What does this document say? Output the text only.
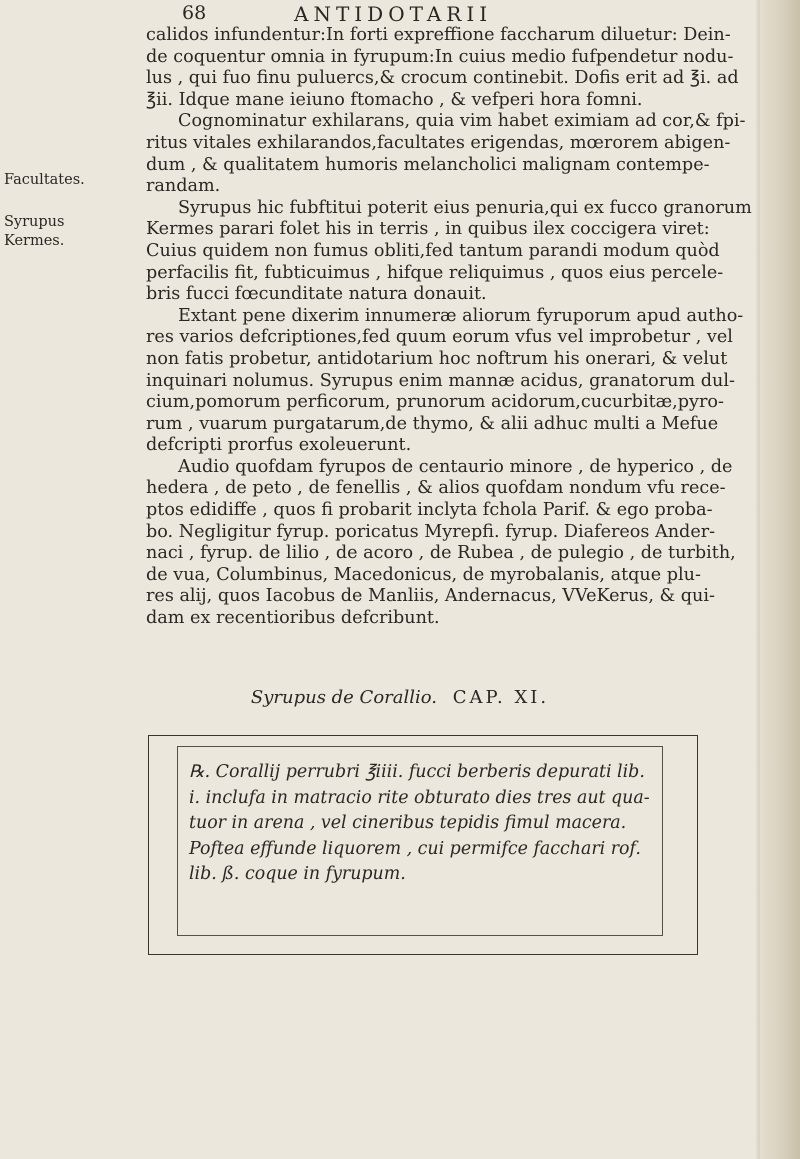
68	ANTIDOTARII
Facultates.
Syrupus
Kermes.
calidos infundentur:In forti expreffione faccharum diluetur: Dein-
de coquentur omnia in fyrupum:In cuius medio fufpendetur nodu-
lus , qui fuo finu puluercs,& crocum continebit. Dofis erit ad ℥i. ad
℥ii. Idque mane ieiuno ftomacho , & vefperi hora fomni.
Cognominatur exhilarans, quia vim habet eximiam ad cor,& fpi-
ritus vitales exhilarandos,facultates erigendas, mœrorem abigen-
dum , & qualitatem humoris melancholici malignam contempe-
randam.
Syrupus hic fubftitui poterit eius penuria,qui ex fucco granorum
Kermes parari folet his in terris , in quibus ilex coccigera viret:
Cuius quidem non fumus obliti,fed tantum parandi modum quòd
perfacilis fit, fubticuimus , hifque reliquimus , quos eius percele-
bris fucci fœcunditate natura donauit.
Extant pene dixerim innumeræ aliorum fyruporum apud autho-
res varios defcriptiones,fed quum eorum vfus vel improbetur , vel
non fatis probetur, antidotarium hoc noftrum his onerari, & velut
inquinari nolumus. Syrupus enim mannæ acidus, granatorum dul-
cium,pomorum perficorum, prunorum acidorum,cucurbitæ,pyro-
rum , vuarum purgatarum,de thymo, & alii adhuc multi a Mefue
defcripti prorfus exoleuerunt.
Audio quofdam fyrupos de centaurio minore , de hyperico , de
hedera , de peto , de fenellis , & alios quofdam nondum vfu rece-
ptos edidiffe , quos fi probarit inclyta fchola Parif. & ego proba-
bo. Negligitur fyrup. poricatus Myrepfi. fyrup. Diafereos Ander-
naci , fyrup. de lilio , de acoro , de Rubea , de pulegio , de turbith,
de vua, Columbinus, Macedonicus, de myrobalanis, atque plu-
res alij, quos Iacobus de Manliis, Andernacus, VVeKerus, & qui-
dam ex recentioribus defcribunt.
Syrupus de Corallio. CAP. XI.
℞. Corallij perrubri ℥iiii. fucci berberis depurati lib.
i. inclufa in matracio rite obturato dies tres aut qua-
tuor in arena , vel cineribus tepidis fimul macera.
Poftea effunde liquorem , cui permifce facchari rof.
lib. ß. coque in fyrupum.
